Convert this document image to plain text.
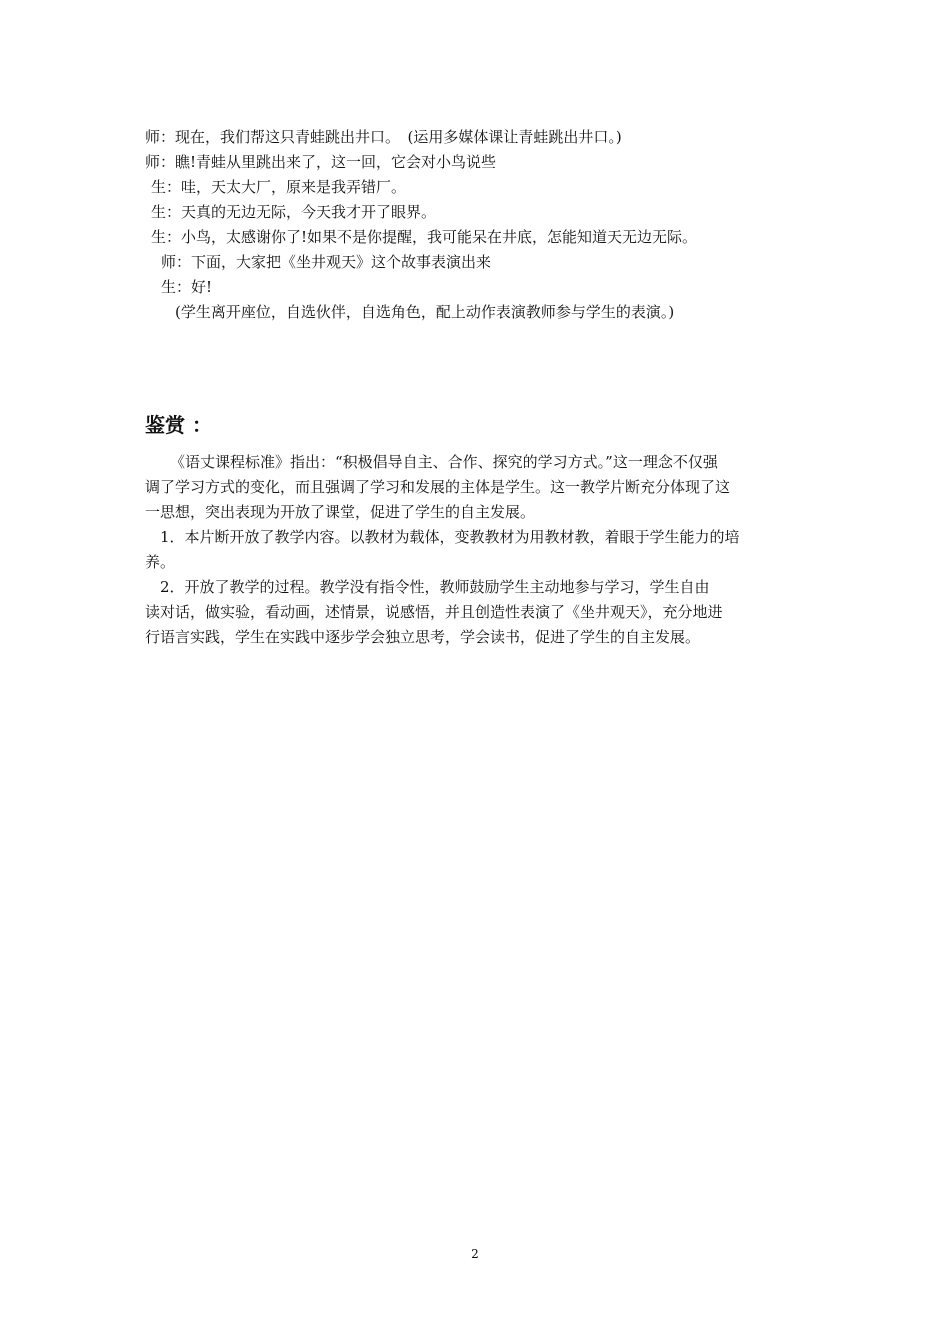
师：现在，我们帮这只青蛙跳出井口。　(运用多媒体课让青蛙跳出井口。)
师：瞧!青蛙从里跳出来了，这一回，它会对小鸟说些
生：哇，天太大厂，原来是我弄错厂。
生：天真的无边无际，今天我才开了眼界。
生：小鸟，太感谢你了!如果不是你提醒，我可能呆在井底，怎能知道天无边无际。
师：下面，大家把《坐井观天》这个故事表演出来
生：好!
(学生离开座位，自选伙伴，自选角色，配上动作表演教师参与学生的表演。)
鉴赏 ：
《语丈课程标准》指出：“积极倡导自主、合作、探究的学习方式。”这一理念不仅强
调了学习方式的变化，而且强调了学习和发展的主体是学生。这一教学片断充分体现了这
一思想，突出表现为开放了课堂，促进了学生的自主发展。
1．本片断开放了教学内容。以教材为载体，变教教材为用教材教，着眼于学生能力的培
养。
2．开放了教学的过程。教学没有指令性，教师鼓励学生主动地参与学习，学生自由
读对话，做实验，看动画，述情景，说感悟，并且创造性表演了《坐井观天》，充分地进
行语言实践，学生在实践中逐步学会独立思考，学会读书，促进了学生的自主发展。
2
